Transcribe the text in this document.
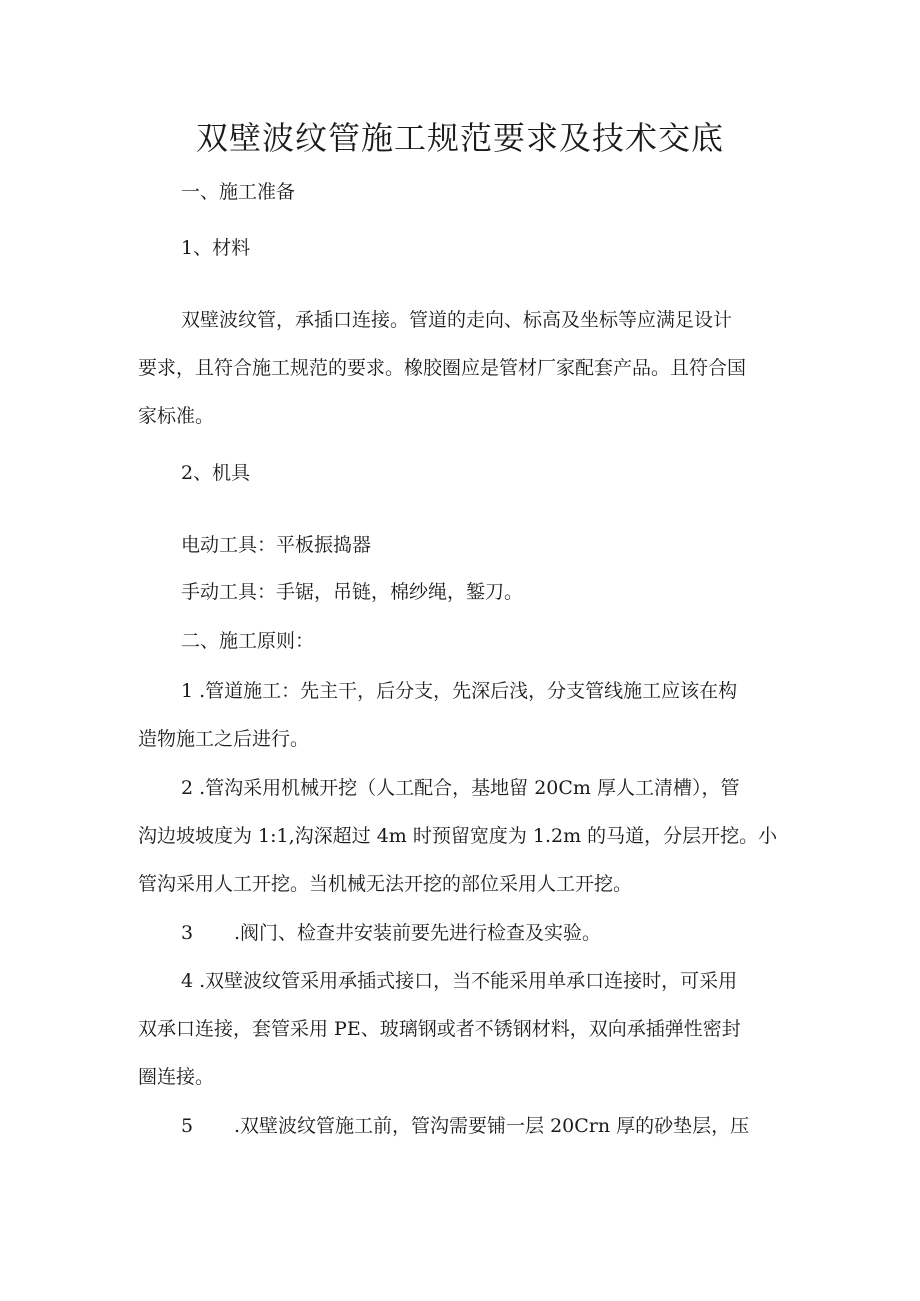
双壁波纹管施工规范要求及技术交底
一、施工准备
1、材料
双壁波纹管，承插口连接。管道的走向、标高及坐标等应满足设计
要求，且符合施工规范的要求。橡胶圈应是管材厂家配套产品。且符合国
家标准。
2、机具
电动工具：平板振捣器
手动工具：手锯，吊链，棉纱绳，錾刀。
二、施工原则：
1 .管道施工：先主干，后分支，先深后浅，分支管线施工应该在构
造物施工之后进行。
2 .管沟采用机械开挖（人工配合，基地留 20Cm 厚人工清槽），管
沟边坡坡度为 1:1,沟深超过 4m 时预留宽度为 1.2m 的马道，分层开挖。小
管沟采用人工开挖。当机械无法开挖的部位采用人工开挖。
3 .阀门、检查井安装前要先进行检查及实验。
4 .双壁波纹管采用承插式接口，当不能采用单承口连接时，可采用
双承口连接，套管采用 PE、玻璃钢或者不锈钢材料，双向承插弹性密封
圈连接。
5 .双壁波纹管施工前，管沟需要铺一层 20Crn 厚的砂垫层，压
